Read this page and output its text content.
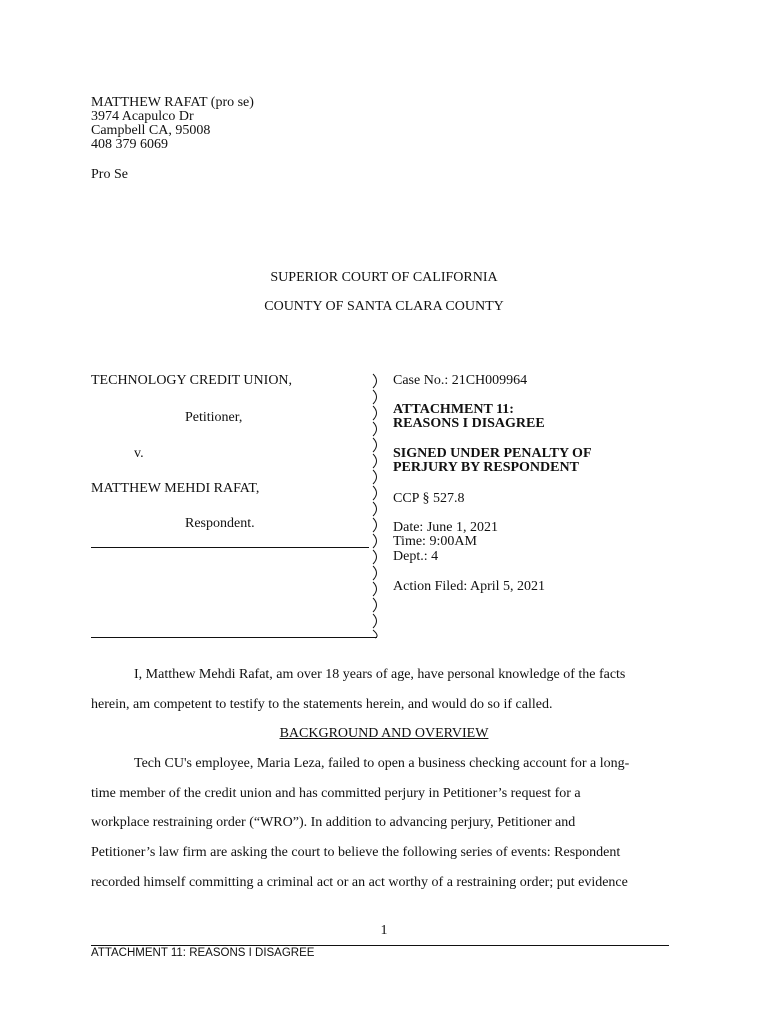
MATTHEW RAFAT (pro se)
3974 Acapulco Dr
Campbell CA, 95008
408 379 6069
Pro Se
SUPERIOR COURT OF CALIFORNIA
COUNTY OF SANTA CLARA COUNTY
TECHNOLOGY CREDIT UNION,
Petitioner,
v.
MATTHEW MEHDI RAFAT,
Respondent.
Case No.: 21CH009964
ATTACHMENT 11:
REASONS I DISAGREE
SIGNED UNDER PENALTY OF
PERJURY BY RESPONDENT
CCP § 527.8
Date: June 1, 2021
Time: 9:00AM
Dept.: 4
Action Filed: April 5, 2021
I, Matthew Mehdi Rafat, am over 18 years of age, have personal knowledge of the facts
herein, am competent to testify to the statements herein, and would do so if called.
BACKGROUND AND OVERVIEW
Tech CU's employee, Maria Leza, failed to open a business checking account for a long-
time member of the credit union and has committed perjury in Petitioner’s request for a
workplace restraining order (“WRO”). In addition to advancing perjury, Petitioner and
Petitioner’s law firm are asking the court to believe the following series of events: Respondent
recorded himself committing a criminal act or an act worthy of a restraining order; put evidence
1
ATTACHMENT 11: REASONS I DISAGREE
